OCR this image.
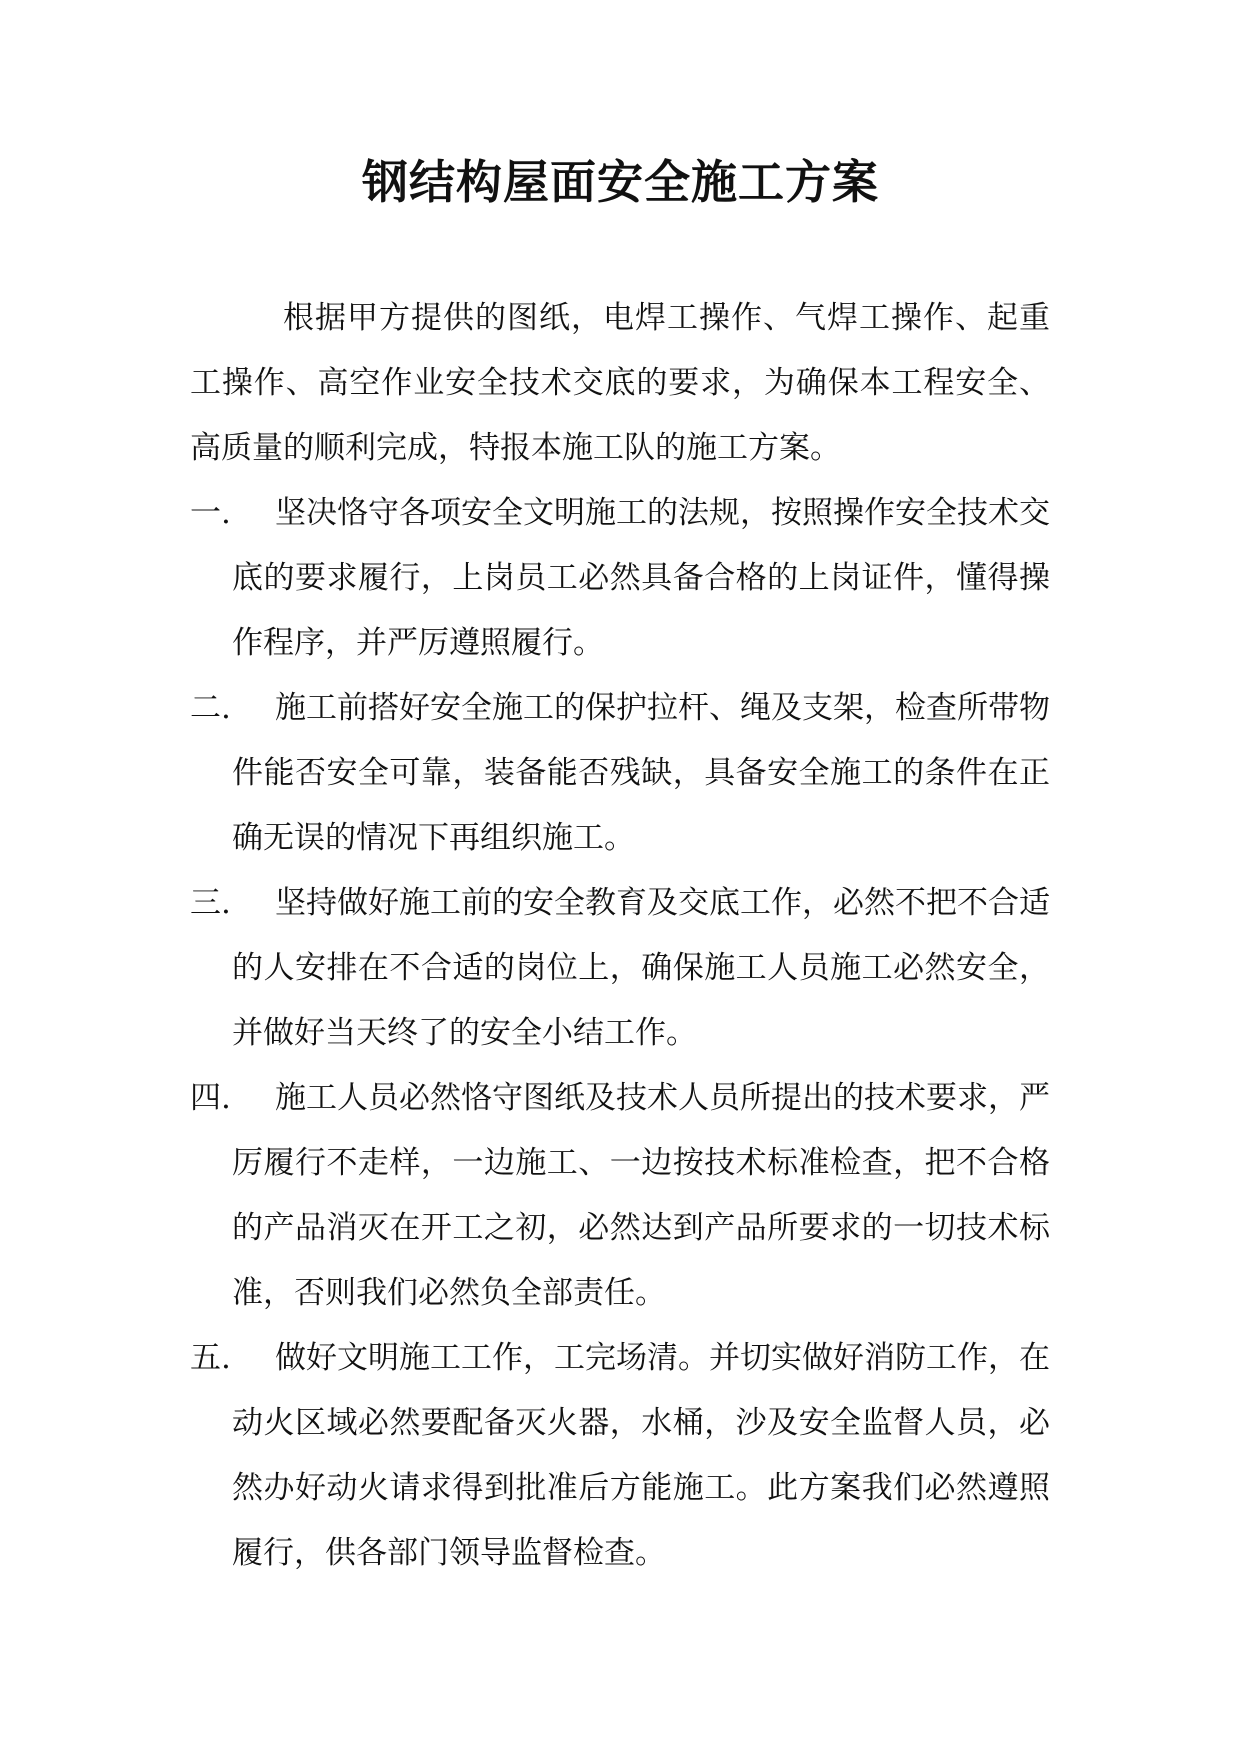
钢结构屋面安全施工方案

根据甲方提供的图纸，电焊工操作、气焊工操作、起重工操作、高空作业安全技术交底的要求，为确保本工程安全、高质量的顺利完成，特报本施工队的施工方案。

一.	坚决恪守各项安全文明施工的法规，按照操作安全技术交底的要求履行，上岗员工必然具备合格的上岗证件，懂得操作程序，并严厉遵照履行。
二.	施工前搭好安全施工的保护拉杆、绳及支架，检查所带物件能否安全可靠，装备能否残缺，具备安全施工的条件在正确无误的情况下再组织施工。
三.	坚持做好施工前的安全教育及交底工作，必然不把不合适的人安排在不合适的岗位上，确保施工人员施工必然安全，并做好当天终了的安全小结工作。
四.	施工人员必然恪守图纸及技术人员所提出的技术要求，严厉履行不走样，一边施工、一边按技术标准检查，把不合格的产品消灭在开工之初，必然达到产品所要求的一切技术标准，否则我们必然负全部责任。
五.	做好文明施工工作，工完场清。并切实做好消防工作，在动火区域必然要配备灭火器，水桶，沙及安全监督人员，必然办好动火请求得到批准后方能施工。此方案我们必然遵照履行，供各部门领导监督检查。
